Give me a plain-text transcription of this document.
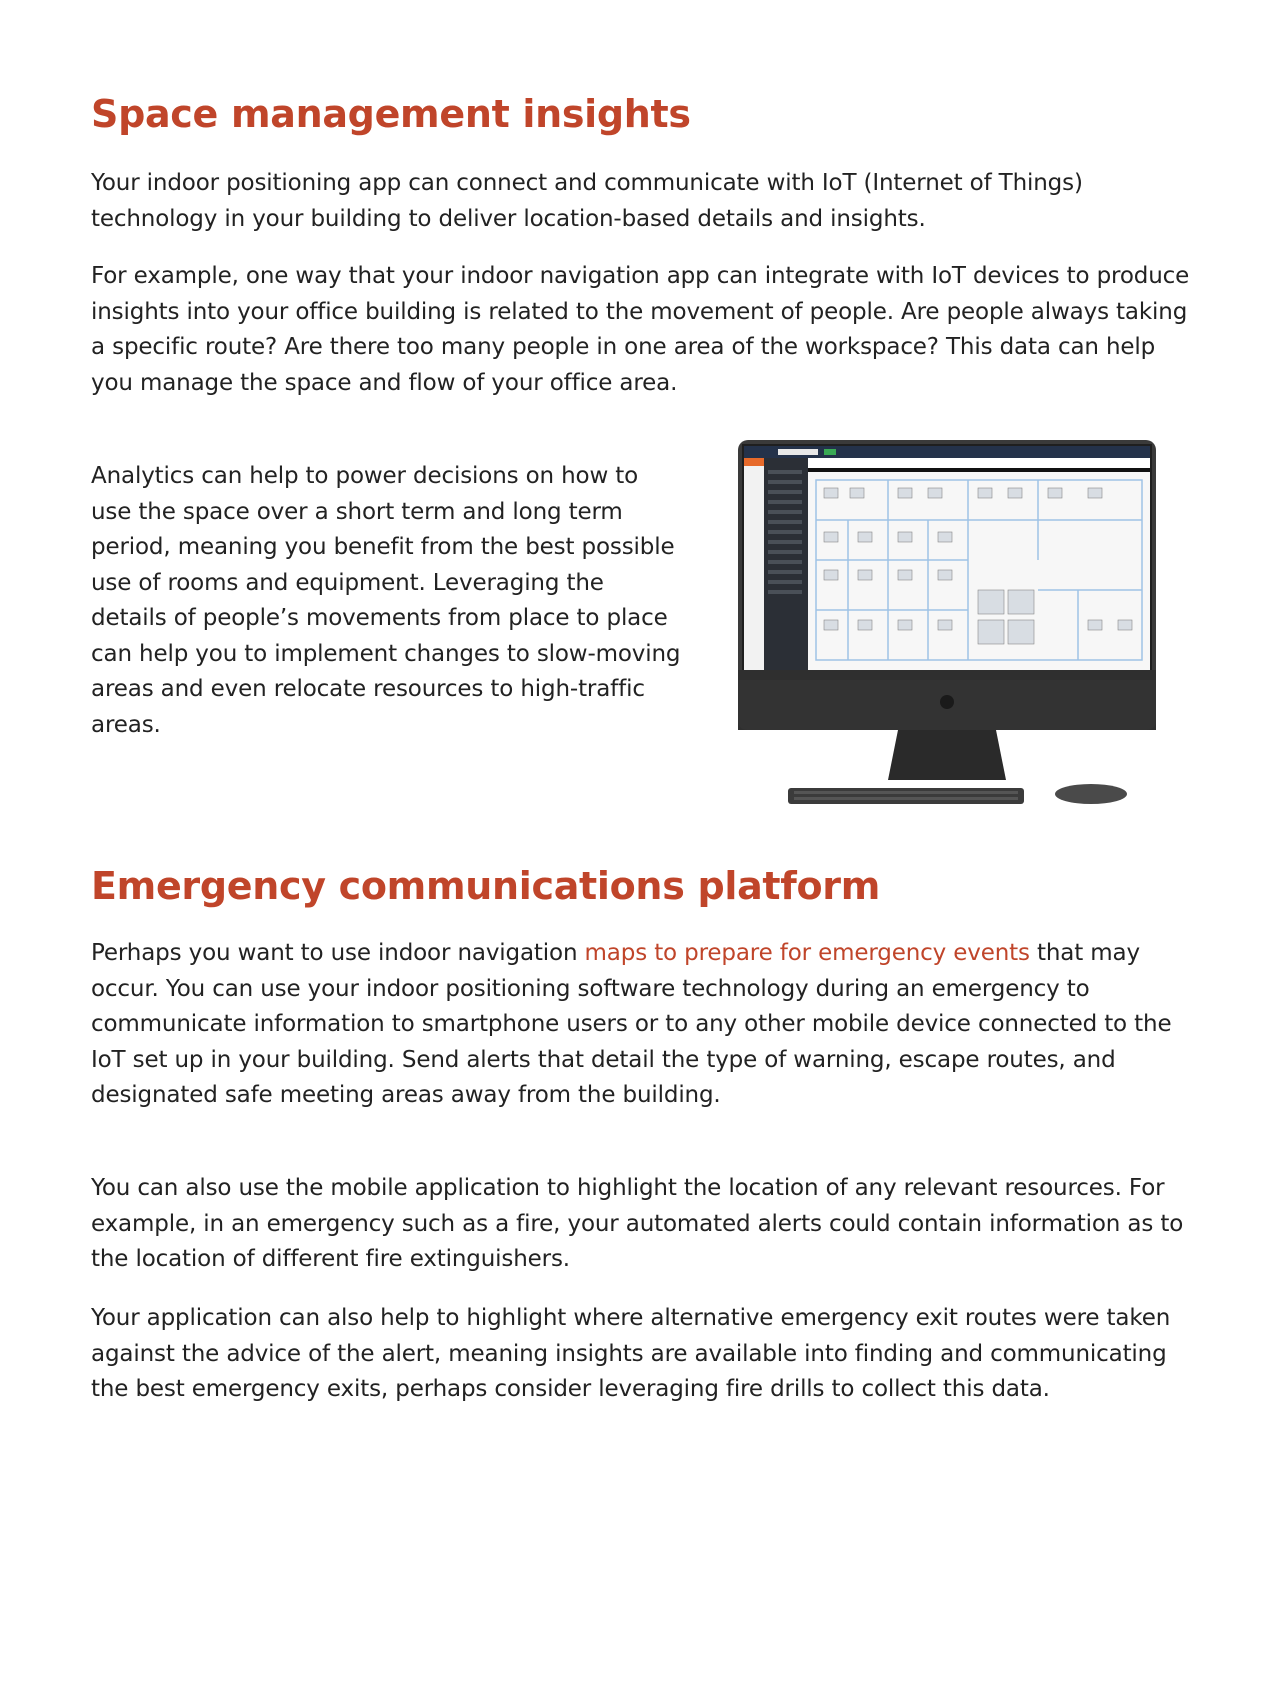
Space management insights

Your indoor positioning app can connect and communicate with IoT (Internet of Things) technology in your building to deliver location-based details and insights.

For example, one way that your indoor navigation app can integrate with IoT devices to produce insights into your office building is related to the movement of people. Are people always taking a specific route? Are there too many people in one area of the workspace? This data can help you manage the space and flow of your office area.

Analytics can help to power decisions on how to use the space over a short term and long term period, meaning you benefit from the best possible use of rooms and equipment. Leveraging the details of people’s movements from place to place can help you to implement changes to slow-moving areas and even relocate resources to high-traffic areas.

Emergency communications platform

Perhaps you want to use indoor navigation maps to prepare for emergency events that may occur. You can use your indoor positioning software technology during an emergency to communicate information to smartphone users or to any other mobile device connected to the IoT set up in your building. Send alerts that detail the type of warning, escape routes, and designated safe meeting areas away from the building.

You can also use the mobile application to highlight the location of any relevant resources. For example, in an emergency such as a fire, your automated alerts could contain information as to the location of different fire extinguishers.

Your application can also help to highlight where alternative emergency exit routes were taken against the advice of the alert, meaning insights are available into finding and communicating the best emergency exits, perhaps consider leveraging fire drills to collect this data.
